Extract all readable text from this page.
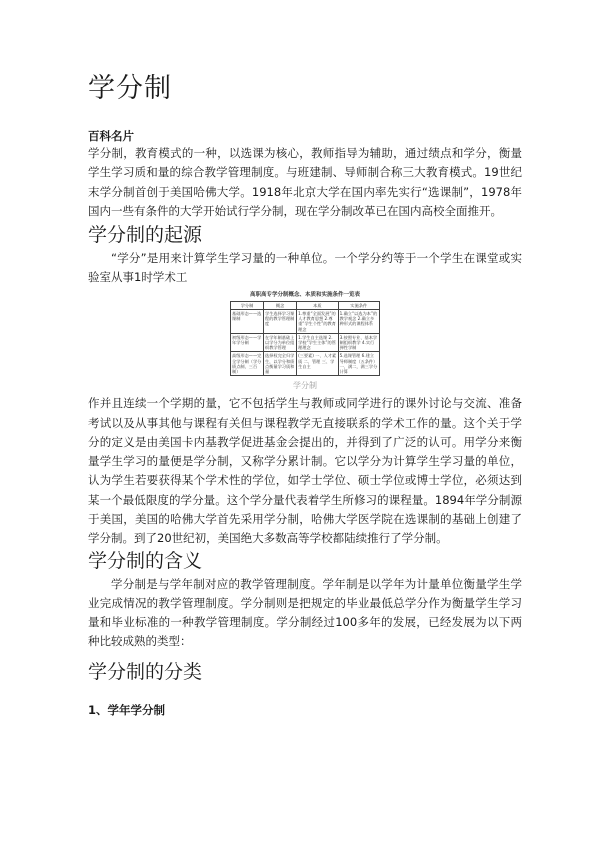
学分制
百科名片

学分制，教育模式的一种，以选课为核心，教师指导为辅助，通过绩点和学分，衡量学生学习质和量的综合教学管理制度。与班建制、导师制合称三大教育模式。19世纪末学分制首创于美国哈佛大学。1918年北京大学在国内率先实行“选课制”，1978年国内一些有条件的大学开始试行学分制，现在学分制改革已在国内高校全面推开。

学分制的起源

“学分”是用来计算学生学习量的一种单位。一个学分约等于一个学生在课堂或实验室从事1时学术工

高职高专学分制概念、本质和实施条件一览表
学分制	概念	本质	实施条件
基础形态——选课制	学生选择学习课程的教学管理制度	1.尊重“全面发展”的人才教育思想 2.尊重“学生个性”的教育理念	1.确立“以选为本”的教学观念 2.确立多种形式的课程体系
初级形态——学年学分制	在学年制基础上以学分为单位组织教学管理	1.学生自主选课 2.学校“学生主体”的管理理念	3.按照专业、基本学制组织教学 4.实行弹性学制
高级形态——完全学分制（学分绩点制、三百制）	选择权完全归学生，以学分和绩点衡量学习质和量	(三要素) 一、人才素质 二、管理 三、学生自主	5.选课管理 6.建立导师制度（五条件）一、满二，满三学分计算
学分制

作并且连续一个学期的量，它不包括学生与教师或同学进行的课外讨论与交流、准备考试以及从事其他与课程有关但与课程教学无直接联系的学术工作的量。这个关于学分的定义是由美国卡内基教学促进基金会提出的，并得到了广泛的认可。用学分来衡量学生学习的量便是学分制，又称学分累计制。它以学分为计算学生学习量的单位，认为学生若要获得某个学术性的学位，如学士学位、硕士学位或博士学位，必须达到某一个最低限度的学分量。这个学分量代表着学生所修习的课程量。1894年学分制源于美国，美国的哈佛大学首先采用学分制，哈佛大学医学院在选课制的基础上创建了学分制。到了20世纪初，美国绝大多数高等学校都陆续推行了学分制。

学分制的含义

学分制是与学年制对应的教学管理制度。学年制是以学年为计量单位衡量学生学业完成情况的教学管理制度。学分制则是把规定的毕业最低总学分作为衡量学生学习量和毕业标准的一种教学管理制度。学分制经过100多年的发展，已经发展为以下两种比较成熟的类型：

学分制的分类
1、学年学分制
